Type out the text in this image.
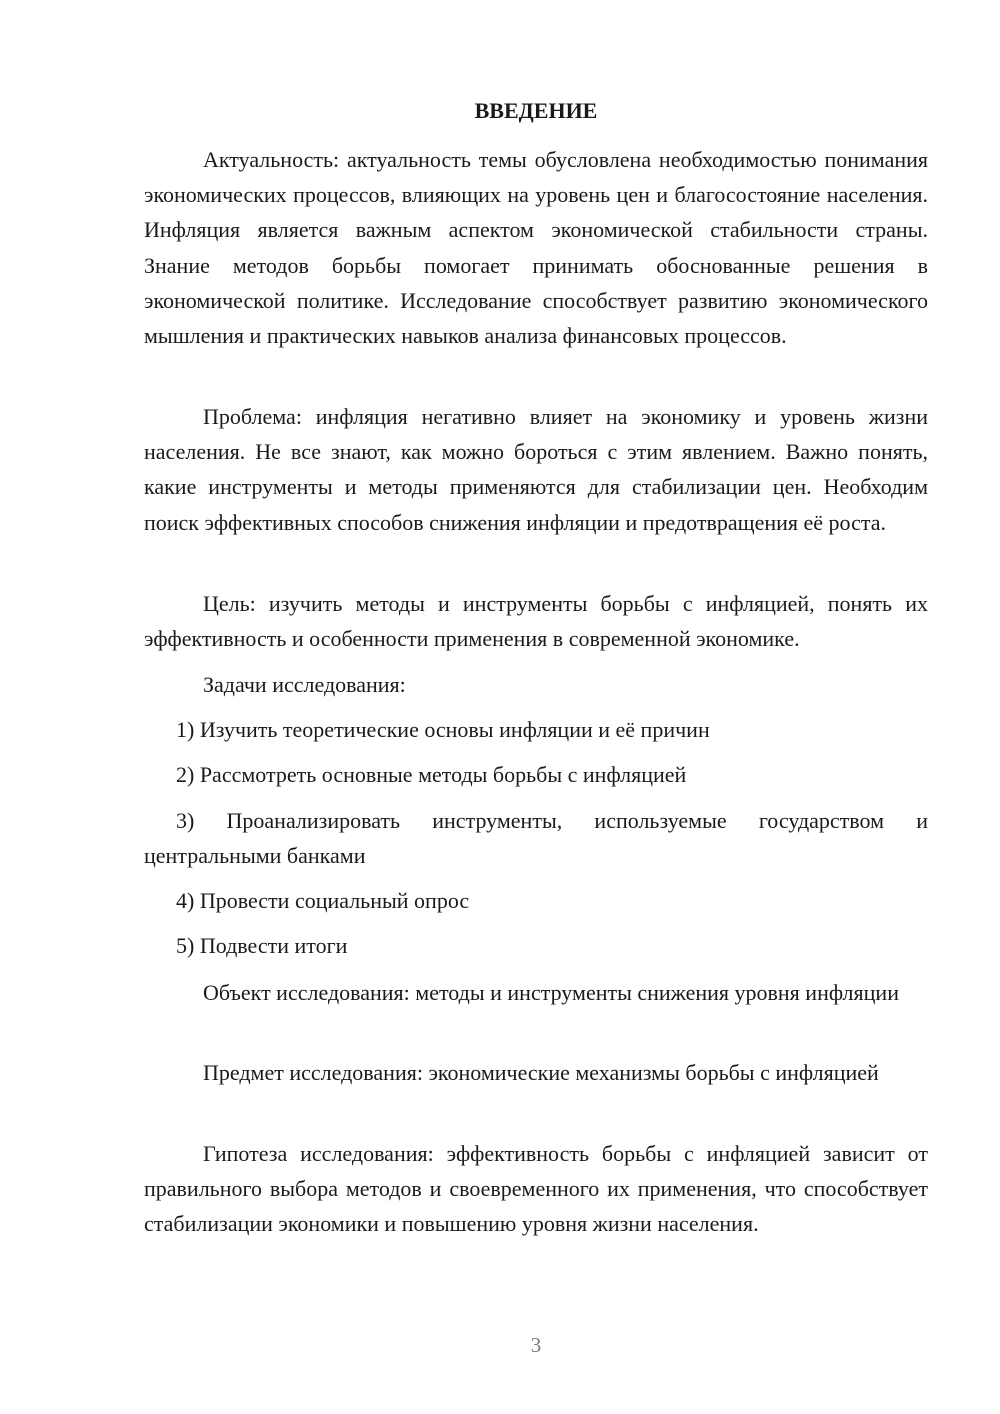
ВВЕДЕНИЕ
Актуальность: актуальность темы обусловлена необходимостью понимания экономических процессов, влияющих на уровень цен и благосостояние населения. Инфляция является важным аспектом экономической стабильности страны. Знание методов борьбы помогает принимать обоснованные решения в экономической политике. Исследование способствует развитию экономического мышления и практических навыков анализа финансовых процессов.
Проблема: инфляция негативно влияет на экономику и уровень жизни населения. Не все знают, как можно бороться с этим явлением. Важно понять, какие инструменты и методы применяются для стабилизации цен. Необходим поиск эффективных способов снижения инфляции и предотвращения её роста.
Цель: изучить методы и инструменты борьбы с инфляцией, понять их эффективность и особенности применения в современной экономике.
Задачи исследования:
1) Изучить теоретические основы инфляции и её причин
2) Рассмотреть основные методы борьбы с инфляцией
3) Проанализировать инструменты, используемые государством и центральными банками
4) Провести социальный опрос
5) Подвести итоги
Объект исследования: методы и инструменты снижения уровня инфляции
Предмет исследования: экономические механизмы борьбы с инфляцией
Гипотеза исследования: эффективность борьбы с инфляцией зависит от правильного выбора методов и своевременного их применения, что способствует стабилизации экономики и повышению уровня жизни населения.
3
